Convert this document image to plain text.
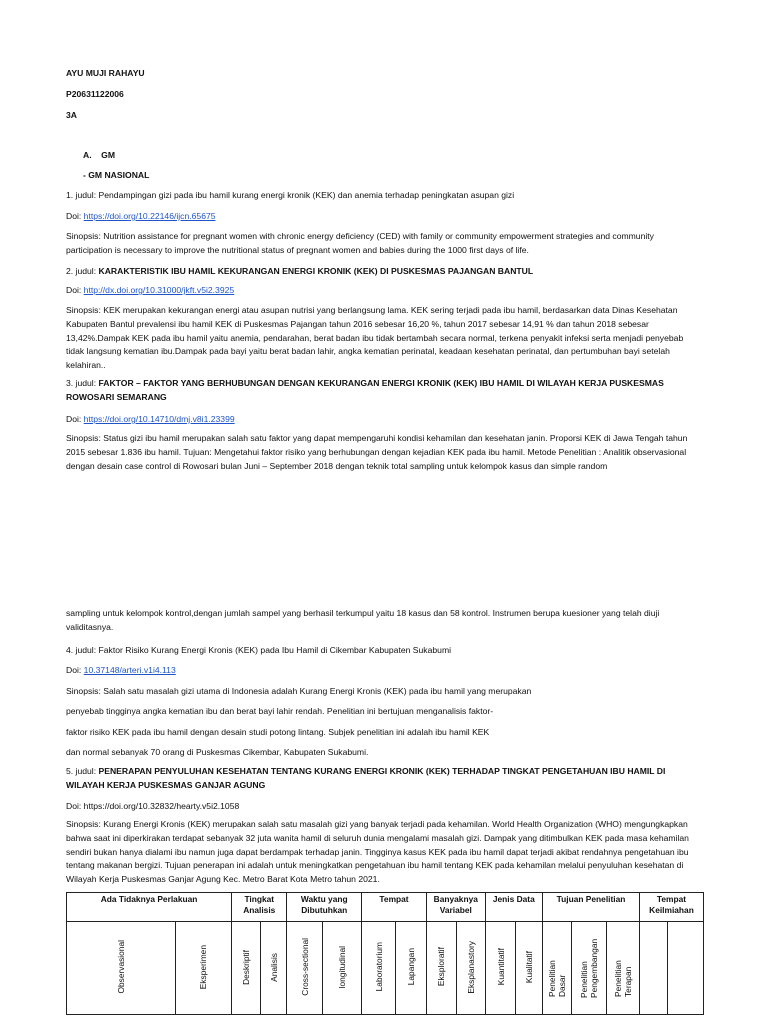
AYU MUJI RAHAYU
P20631122006
3A
A. GM
- GM NASIONAL
1. judul: Pendampingan gizi pada ibu hamil kurang energi kronik (KEK) dan anemia terhadap peningkatan asupan gizi
Doi: https://doi.org/10.22146/ijcn.65675
Sinopsis: Nutrition assistance for pregnant women with chronic energy deficiency (CED) with family or community empowerment strategies and community participation is necessary to improve the nutritional status of pregnant women and babies during the 1000 first days of life.
2. judul: KARAKTERISTIK IBU HAMIL KEKURANGAN ENERGI KRONIK (KEK) DI PUSKESMAS PAJANGAN BANTUL
Doi: http://dx.doi.org/10.31000/jkft.v5i2.3925
Sinopsis: KEK merupakan kekurangan energi atau asupan nutrisi yang berlangsung lama. KEK sering terjadi pada ibu hamil, berdasarkan data Dinas Kesehatan Kabupaten Bantul prevalensi ibu hamil KEK di Puskesmas Pajangan tahun 2016 sebesar 16,20 %, tahun 2017 sebesar 14,91 % dan tahun 2018 sebesar 13,42%.Dampak KEK pada ibu hamil yaitu anemia, pendarahan, berat badan ibu tidak bertambah secara normal, terkena penyakit infeksi serta menjadi penyebab tidak langsung kematian ibu.Dampak pada bayi yaitu berat badan lahir, angka kematian perinatal, keadaan kesehatan perinatal, dan pertumbuhan bayi setelah kelahiran..
3. judul: FAKTOR – FAKTOR YANG BERHUBUNGAN DENGAN KEKURANGAN ENERGI KRONIK (KEK) IBU HAMIL DI WILAYAH KERJA PUSKESMAS ROWOSARI SEMARANG
Doi: https://doi.org/10.14710/dmj.v8i1.23399
Sinopsis: Status gizi ibu hamil merupakan salah satu faktor yang dapat mempengaruhi kondisi kehamilan dan kesehatan janin. Proporsi KEK di Jawa Tengah tahun 2015 sebesar 1.836 ibu hamil. Tujuan: Mengetahui faktor risiko yang berhubungan dengan kejadian KEK pada ibu hamil. Metode Penelitian : Analitik observasional dengan desain case control di Rowosari bulan Juni – September 2018 dengan teknik total sampling untuk kelompok kasus dan simple random
sampling untuk kelompok kontrol,dengan jumlah sampel yang berhasil terkumpul yaitu 18 kasus dan 58 kontrol. Instrumen berupa kuesioner yang telah diuji validitasnya.
4. judul: Faktor Risiko Kurang Energi Kronis (KEK) pada Ibu Hamil di Cikembar Kabupaten Sukabumi
Doi: 10.37148/arteri.v1i4.113
Sinopsis: Salah satu masalah gizi utama di Indonesia adalah Kurang Energi Kronis (KEK) pada ibu hamil yang merupakan
penyebab tingginya angka kematian ibu dan berat bayi lahir rendah. Penelitian ini bertujuan menganalisis faktor-
faktor risiko KEK pada ibu hamil dengan desain studi potong lintang. Subjek penelitian ini adalah ibu hamil KEK
dan normal sebanyak 70 orang di Puskesmas Cikembar, Kabupaten Sukabumi.
5. judul: PENERAPAN PENYULUHAN KESEHATAN TENTANG KURANG ENERGI KRONIK (KEK) TERHADAP TINGKAT PENGETAHUAN IBU HAMIL DI WILAYAH KERJA PUSKESMAS GANJAR AGUNG
Doi: https://doi.org/10.32832/hearty.v5i2.1058
Sinopsis: Kurang Energi Kronis (KEK) merupakan salah satu masalah gizi yang banyak terjadi pada kehamilan. World Health Organization (WHO) mengungkapkan bahwa saat ini diperkirakan terdapat sebanyak 32 juta wanita hamil di seluruh dunia mengalami masalah gizi. Dampak yang ditimbulkan KEK pada masa kehamilan sendiri bukan hanya dialami ibu namun juga dapat berdampak terhadap janin. Tingginya kasus KEK pada ibu hamil dapat terjadi akibat rendahnya pengetahuan ibu tentang makanan bergizi. Tujuan penerapan ini adalah untuk meningkatkan pengetahuan ibu hamil tentang KEK pada kehamilan melalui penyuluhan kesehatan di Wilayah Kerja Puskesmas Ganjar Agung Kec. Metro Barat Kota Metro tahun 2021.
Ada Tidaknya Perlakuan		Tingkat Analisis		Waktu yang Dibutuhkan		Tempat		Banyaknya Variabel		Jenis Data		Tujuan Penelitian			Tempat Keilmiahan	
Observasional	Eksperimen	Deskriptif	Analisis	Cross-sectional	longitudinal	Laboratorium	Lapangan	Eksploratif	Eksplanastory	Kuantitatif	Kualitatif	Penelitian Dasar	Penelitian Pengembangan	Penelitian Terapan		
